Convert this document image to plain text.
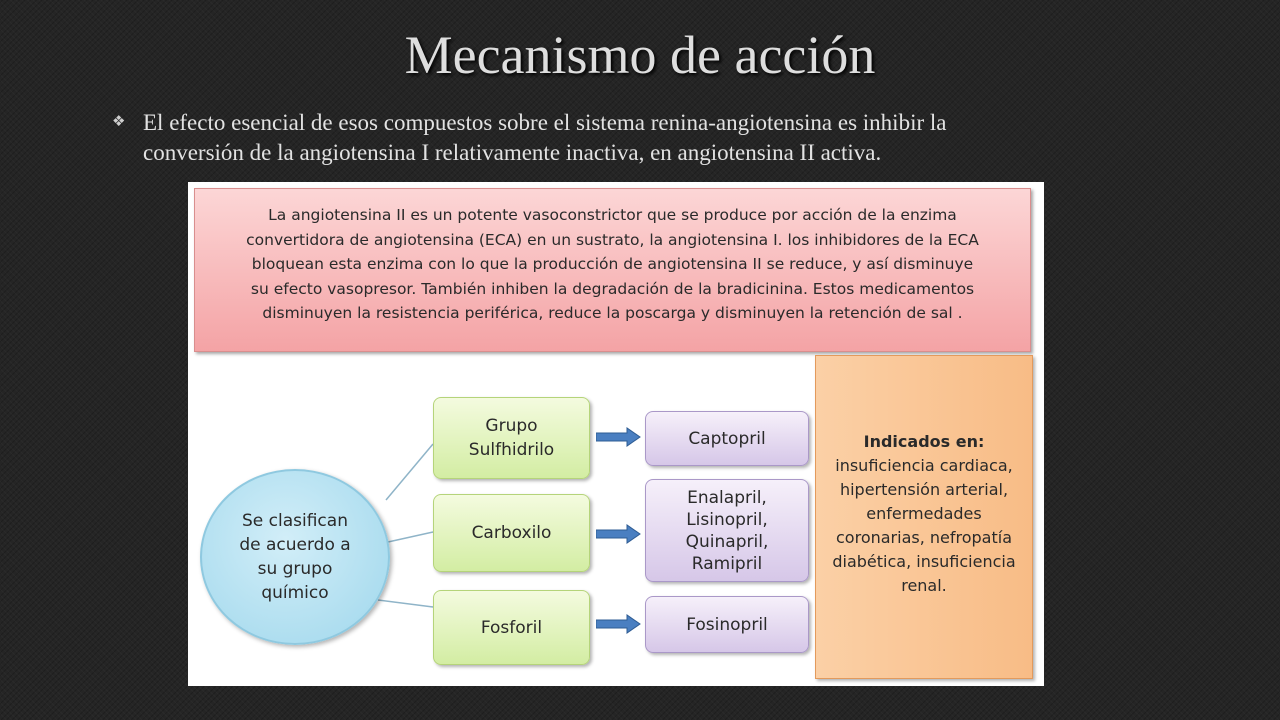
Mecanismo de acción
❖ El efecto esencial de esos compuestos sobre el sistema renina-angiotensina es inhibir la
conversión de la angiotensina I relativamente inactiva, en angiotensina II activa.
La angiotensina II es un potente vasoconstrictor que se produce por acción de la enzima
convertidora de angiotensina (ECA) en un sustrato, la angiotensina I. los inhibidores de la ECA
bloquean esta enzima con lo que la producción de angiotensina II se reduce, y así disminuye
su efecto vasopresor. También inhiben la degradación de la bradicinina. Estos medicamentos
disminuyen la resistencia periférica, reduce la poscarga y disminuyen la retención de sal .
Se clasifican
de acuerdo a
su grupo
químico
Grupo
Sulfhidrilo
Carboxilo
Fosforil
Captopril
Enalapril,
Lisinopril,
Quinapril,
Ramipril
Fosinopril
Indicados en:
insuficiencia cardiaca,
hipertensión arterial,
enfermedades
coronarias, nefropatía
diabética, insuficiencia
renal.
